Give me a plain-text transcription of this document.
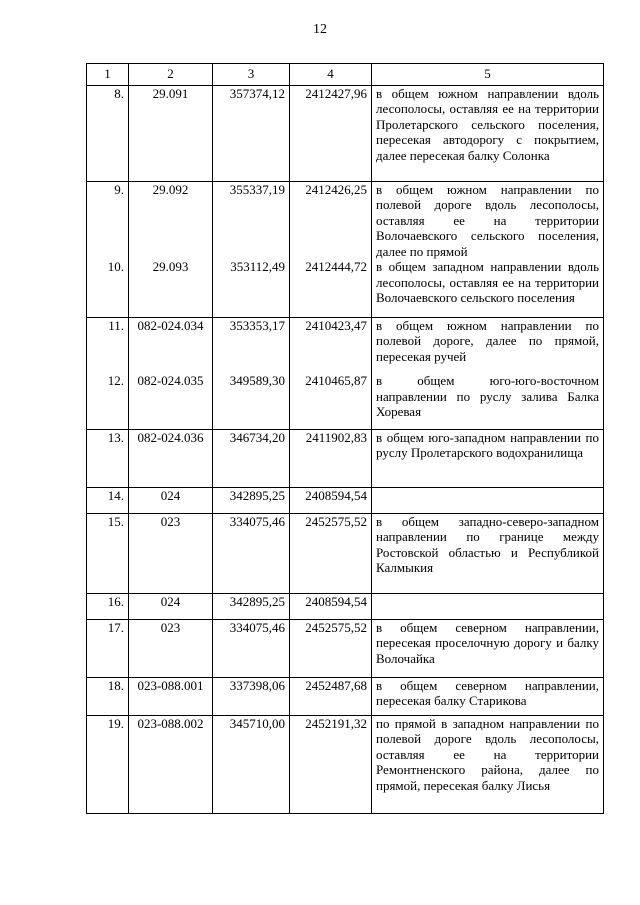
12
1	2	3	4	5
8.	29.091	357374,12	2412427,96	в общем южном направлении вдоль лесополосы, оставляя ее на территории Пролетарского сельского поселения, пересекая автодорогу с покрытием, далее пересекая балку Солонка
9.	29.092	355337,19	2412426,25	в общем южном направлении по полевой дороге вдоль лесополосы, оставляя ее на территории Волочаевского сельского поселения, далее по прямой
10.	29.093	353112,49	2412444,72	в общем западном направлении вдоль лесополосы, оставляя ее на территории Волочаевского сельского поселения
11.	082-024.034	353353,17	2410423,47	в общем южном направлении по полевой дороге, далее по прямой, пересекая ручей
12.	082-024.035	349589,30	2410465,87	в общем юго-юго-восточном направлении по руслу залива Балка Хоревая
13.	082-024.036	346734,20	2411902,83	в общем юго-западном направлении по руслу Пролетарского водохранилища
14.	024	342895,25	2408594,54	
15.	023	334075,46	2452575,52	в общем западно-северо-западном направлении по границе между Ростовской областью и Республикой Калмыкия
16.	024	342895,25	2408594,54	
17.	023	334075,46	2452575,52	в общем северном направлении, пересекая проселочную дорогу и балку Волочайка
18.	023-088.001	337398,06	2452487,68	в общем северном направлении, пересекая балку Старикова
19.	023-088.002	345710,00	2452191,32	по прямой в западном направлении по полевой дороге вдоль лесополосы, оставляя ее на территории Ремонтненского района, далее по прямой, пересекая балку Лисья
